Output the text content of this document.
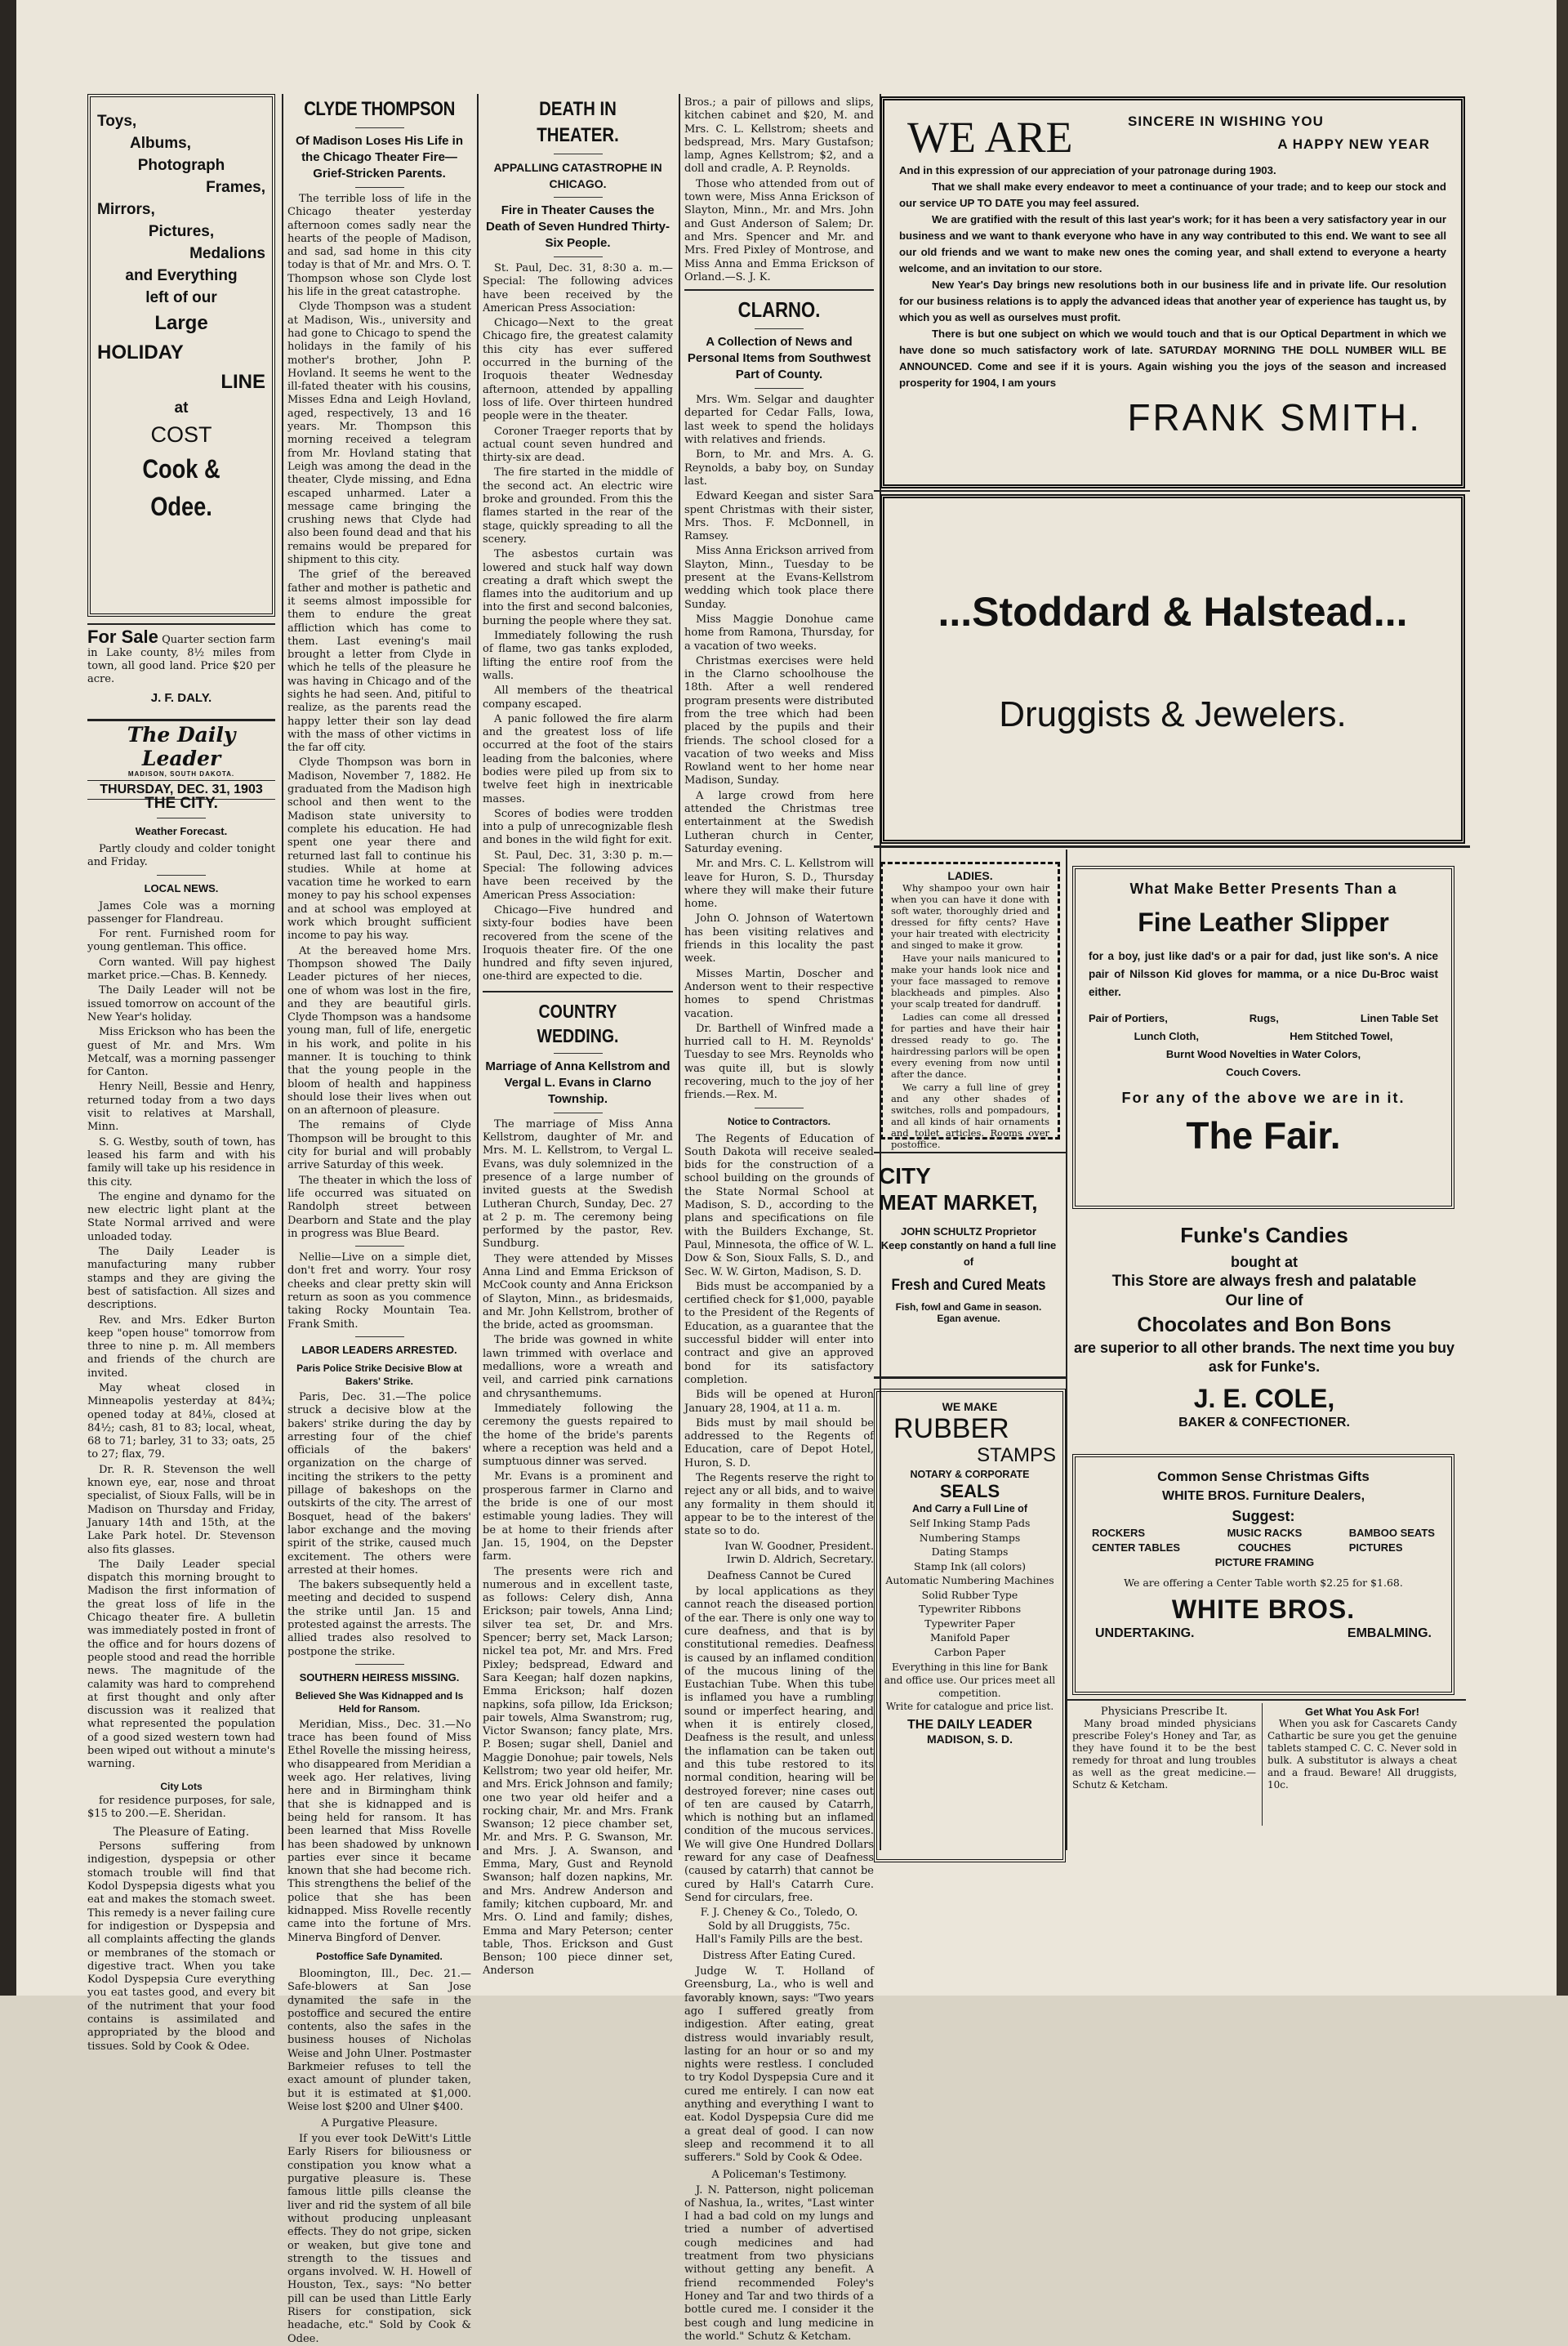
Toys,
Albums,
Photograph
Frames,
Mirrors,
Pictures,
Medalions
and Everything
left of our
Large
HOLIDAY
LINE
at
COST
Cook & Odee.
For Sale Quarter section farm in Lake county, 8½ miles from town, all good land. Price $20 per acre.
J. F. DALY.
The Daily Leader
MADISON, SOUTH DAKOTA.
THURSDAY, DEC. 31, 1903
THE CITY.
Weather Forecast.

Partly cloudy and colder tonight and Friday.

LOCAL NEWS.

James Cole was a morning passenger for Flandreau.

For rent. Furnished room for young gentleman. This office.

Corn wanted. Will pay highest market price.—Chas. B. Kennedy.

The Daily Leader will not be issued tomorrow on account of the New Year's holiday.

Miss Erickson who has been the guest of Mr. and Mrs. Wm Metcalf, was a morning passenger for Canton.

Henry Neill, Bessie and Henry, returned today from a two days visit to relatives at Marshall, Minn.

S. G. Westby, south of town, has leased his farm and with his family will take up his residence in this city.

The engine and dynamo for the new electric light plant at the State Normal arrived and were unloaded today.

The Daily Leader is manufacturing many rubber stamps and they are giving the best of satisfaction. All sizes and descriptions.

Rev. and Mrs. Edker Burton keep "open house" tomorrow from three to nine p. m. All members and friends of the church are invited.

May wheat closed in Minneapolis yesterday at 84¾; opened today at 84⅛, closed at 84½; cash, 81 to 83; local, wheat, 68 to 71; barley, 31 to 33; oats, 25 to 27; flax, 79.

Dr. R. R. Stevenson the well known eye, ear, nose and throat specialist, of Sioux Falls, will be in Madison on Thursday and Friday, January 14th and 15th, at the Lake Park hotel. Dr. Stevenson also fits glasses.

The Daily Leader special dispatch this morning brought to Madison the first information of the great loss of life in the Chicago theater fire. A bulletin was immediately posted in front of the office and for hours dozens of people stood and read the horrible news. The magnitude of the calamity was hard to comprehend at first thought and only after discussion was it realized that what represented the population of a good sized western town had been wiped out without a minute's warning.

City Lots

for residence purposes, for sale, $15 to 200.—E. Sheridan.

The Pleasure of Eating.

Persons suffering from indigestion, dyspepsia or other stomach trouble will find that Kodol Dyspepsia digests what you eat and makes the stomach sweet. This remedy is a never failing cure for indigestion or Dyspepsia and all complaints affecting the glands or membranes of the stomach or digestive tract. When you take Kodol Dyspepsia Cure everything you eat tastes good, and every bit of the nutriment that your food contains is assimilated and appropriated by the blood and tissues. Sold by Cook & Odee.

CLYDE THOMPSON
Of Madison Loses His Life in the Chicago Theater Fire—Grief-Stricken Parents.

The terrible loss of life in the Chicago theater yesterday afternoon comes sadly near the hearts of the people of Madison, and sad, sad home in this city today is that of Mr. and Mrs. O. T. Thompson whose son Clyde lost his life in the great catastrophe.

Clyde Thompson was a student at Madison, Wis., university and had gone to Chicago to spend the holidays in the family of his mother's brother, John P. Hovland. It seems he went to the ill-fated theater with his cousins, Misses Edna and Leigh Hovland, aged, respectively, 13 and 16 years. Mr. Thompson this morning received a telegram from Mr. Hovland stating that Leigh was among the dead in the theater, Clyde missing, and Edna escaped unharmed. Later a message came bringing the crushing news that Clyde had also been found dead and that his remains would be prepared for shipment to this city.

The grief of the bereaved father and mother is pathetic and it seems almost impossible for them to endure the great affliction which has come to them. Last evening's mail brought a letter from Clyde in which he tells of the pleasure he was having in Chicago and of the sights he had seen. And, pitiful to realize, as the parents read the happy letter their son lay dead with the mass of other victims in the far off city.

Clyde Thompson was born in Madison, November 7, 1882. He graduated from the Madison high school and then went to the Madison state university to complete his education. He had spent one year there and returned last fall to continue his studies. While at home at vacation time he worked to earn money to pay his school expenses and at school was employed at work which brought sufficient income to pay his way.

At the bereaved home Mrs. Thompson showed The Daily Leader pictures of her nieces, one of whom was lost in the fire, and they are beautiful girls. Clyde Thompson was a handsome young man, full of life, energetic in his work, and polite in his manner. It is touching to think that the young people in the bloom of health and happiness should lose their lives when out on an afternoon of pleasure.

The remains of Clyde Thompson will be brought to this city for burial and will probably arrive Saturday of this week.

The theater in which the loss of life occurred was situated on Randolph street between Dearborn and State and the play in progress was Blue Beard.

Nellie—Live on a simple diet, don't fret and worry. Your rosy cheeks and clear pretty skin will return as soon as you commence taking Rocky Mountain Tea. Frank Smith.

LABOR LEADERS ARRESTED.
Paris Police Strike Decisive Blow at Bakers' Strike.

Paris, Dec. 31.—The police struck a decisive blow at the bakers' strike during the day by arresting four of the chief officials of the bakers' organization on the charge of inciting the strikers to the petty pillage of bakeshops on the outskirts of the city. The arrest of Bosquet, head of the bakers' labor exchange and the moving spirit of the strike, caused much excitement. The others were arrested at their homes.

The bakers subsequently held a meeting and decided to suspend the strike until Jan. 15 and protested against the arrests. The allied trades also resolved to postpone the strike.

SOUTHERN HEIRESS MISSING.
Believed She Was Kidnapped and Is Held for Ransom.

Meridian, Miss., Dec. 31.—No trace has been found of Miss Ethel Rovelle the missing heiress, who disappeared from Meridian a week ago. Her relatives, living here and in Birmingham think that she is kidnapped and is being held for ransom. It has been learned that Miss Rovelle has been shadowed by unknown parties ever since it became known that she had become rich. This strengthens the belief of the police that she has been kidnapped. Miss Rovelle recently came into the fortune of Mrs. Minerva Bingford of Denver.

Postoffice Safe Dynamited.

Bloomington, Ill., Dec. 21.—Safe-blowers at San Jose dynamited the safe in the postoffice and secured the entire contents, also the safes in the business houses of Nicholas Weise and John Ulner. Postmaster Barkmeier refuses to tell the exact amount of plunder taken, but it is estimated at $1,000. Weise lost $200 and Ulner $400.

A Purgative Pleasure.

If you ever took DeWitt's Little Early Risers for biliousness or constipation you know what a purgative pleasure is. These famous little pills cleanse the liver and rid the system of all bile without producing unpleasant effects. They do not gripe, sicken or weaken, but give tone and strength to the tissues and organs involved. W. H. Howell of Houston, Tex., says: "No better pill can be used than Little Early Risers for constipation, sick headache, etc." Sold by Cook & Odee.

DEATH IN THEATER.
APPALLING CATASTROPHE IN CHICAGO.
Fire in Theater Causes the Death of Seven Hundred Thirty-Six People.

St. Paul, Dec. 31, 8:30 a. m.—Special: The following advices have been received by the American Press Association:

Chicago—Next to the great Chicago fire, the greatest calamity this city has ever suffered occurred in the burning of the Iroquois theater Wednesday afternoon, attended by appalling loss of life. Over thirteen hundred people were in the theater.

Coroner Traeger reports that by actual count seven hundred and thirty-six are dead.

The fire started in the middle of the second act. An electric wire broke and grounded. From this the flames started in the rear of the stage, quickly spreading to all the scenery.

The asbestos curtain was lowered and stuck half way down creating a draft which swept the flames into the auditorium and up into the first and second balconies, burning the people where they sat.

Immediately following the rush of flame, two gas tanks exploded, lifting the entire roof from the walls.

All members of the theatrical company escaped.

A panic followed the fire alarm and the greatest loss of life occurred at the foot of the stairs leading from the balconies, where bodies were piled up from six to twelve feet high in inextricable masses.

Scores of bodies were trodden into a pulp of unrecognizable flesh and bones in the wild fight for exit.

St. Paul, Dec. 31, 3:30 p. m.—Special: The following advices have been received by the American Press Association:

Chicago—Five hundred and sixty-four bodies have been recovered from the scene of the Iroquois theater fire. Of the one hundred and fifty seven injured, one-third are expected to die.

COUNTRY WEDDING.
Marriage of Anna Kellstrom and Vergal L. Evans in Clarno Township.

The marriage of Miss Anna Kellstrom, daughter of Mr. and Mrs. M. L. Kellstrom, to Vergal L. Evans, was duly solemnized in the presence of a large number of invited guests at the Swedish Lutheran Church, Sunday, Dec. 27 at 2 p. m. The ceremony being performed by the pastor, Rev. Sundburg.

They were attended by Misses Anna Lind and Emma Erickson of McCook county and Anna Erickson of Slayton, Minn., as bridesmaids, and Mr. John Kellstrom, brother of the bride, acted as groomsman.

The bride was gowned in white lawn trimmed with overlace and medallions, wore a wreath and veil, and carried pink carnations and chrysanthemums.

Immediately following the ceremony the guests repaired to the home of the bride's parents where a reception was held and a sumptuous dinner was served.

Mr. Evans is a prominent and prosperous farmer in Clarno and the bride is one of our most estimable young ladies. They will be at home to their friends after Jan. 15, 1904, on the Depster farm.

The presents were rich and numerous and in excellent taste, as follows: Celery dish, Anna Erickson; pair towels, Anna Lind; silver tea set, Dr. and Mrs. Spencer; berry set, Mack Larson; nickel tea pot, Mr. and Mrs. Fred Pixley; bedspread, Edward and Sara Keegan; half dozen napkins, Emma Erickson; half dozen napkins, sofa pillow, Ida Erickson; pair towels, Alma Swanstrom; rug, Victor Swanson; fancy plate, Mrs. P. Bosen; sugar shell, Daniel and Maggie Donohue; pair towels, Nels Kellstrom; two year old heifer, Mr. and Mrs. Erick Johnson and family; one two year old heifer and a rocking chair, Mr. and Mrs. Frank Swanson; 12 piece chamber set, Mr. and Mrs. P. G. Swanson, Mr. and Mrs. J. A. Swanson, and Emma, Mary, Gust and Reynold Swanson; half dozen napkins, Mr. and Mrs. Andrew Anderson and family; kitchen cupboard, Mr. and Mrs. O. Lind and family; dishes, Emma and Mary Peterson; center table, Thos. Erickson and Gust Benson; 100 piece dinner set, Anderson

Bros.; a pair of pillows and slips, kitchen cabinet and $20, M. and Mrs. C. L. Kellstrom; sheets and bedspread, Mrs. Mary Gustafson; lamp, Agnes Kellstrom; $2, and a doll and cradle, A. P. Reynolds.

Those who attended from out of town were, Miss Anna Erickson of Slayton, Minn., Mr. and Mrs. John and Gust Anderson of Salem; Dr. and Mrs. Spencer and Mr. and Mrs. Fred Pixley of Montrose, and Miss Anna and Emma Erickson of Orland.—S. J. K.

CLARNO.
A Collection of News and Personal Items from Southwest Part of County.

Mrs. Wm. Selgar and daughter departed for Cedar Falls, Iowa, last week to spend the holidays with relatives and friends.

Born, to Mr. and Mrs. A. G. Reynolds, a baby boy, on Sunday last.

Edward Keegan and sister Sara spent Christmas with their sister, Mrs. Thos. F. McDonnell, in Ramsey.

Miss Anna Erickson arrived from Slayton, Minn., Tuesday to be present at the Evans-Kellstrom wedding which took place there Sunday.

Miss Maggie Donohue came home from Ramona, Thursday, for a vacation of two weeks.

Christmas exercises were held in the Clarno schoolhouse the 18th. After a well rendered program presents were distributed from the tree which had been placed by the pupils and their friends. The school closed for a vacation of two weeks and Miss Rowland went to her home near Madison, Sunday.

A large crowd from here attended the Christmas tree entertainment at the Swedish Lutheran church in Center, Saturday evening.

Mr. and Mrs. C. L. Kellstrom will leave for Huron, S. D., Thursday where they will make their future home.

John O. Johnson of Watertown has been visiting relatives and friends in this locality the past week.

Misses Martin, Doscher and Anderson went to their respective homes to spend Christmas vacation.

Dr. Barthell of Winfred made a hurried call to H. M. Reynolds' Tuesday to see Mrs. Reynolds who was quite ill, but is slowly recovering, much to the joy of her friends.—Rex. M.

Notice to Contractors.

The Regents of Education of South Dakota will receive sealed bids for the construction of a school building on the grounds of the State Normal School at Madison, S. D., according to the plans and specifications on file with the Builders Exchange, St. Paul, Minnesota, the office of W. L. Dow & Son, Sioux Falls, S. D., and Sec. W. W. Girton, Madison, S. D.

Bids must be accompanied by a certified check for $1,000, payable to the President of the Regents of Education, as a guarantee that the successful bidder will enter into contract and give an approved bond for its satisfactory completion.

Bids will be opened at Huron January 28, 1904, at 11 a. m.

Bids must by mail should be addressed to the Regents of Education, care of Depot Hotel, Huron, S. D.

The Regents reserve the right to reject any or all bids, and to waive any formality in them should it appear to be to the interest of the state so to do.

Ivan W. Goodner, President.
Irwin D. Aldrich, Secretary.
Deafness Cannot be Cured

by local applications as they cannot reach the diseased portion of the ear. There is only one way to cure deafness, and that is by constitutional remedies. Deafness is caused by an inflamed condition of the mucous lining of the Eustachian Tube. When this tube is inflamed you have a rumbling sound or imperfect hearing, and when it is entirely closed, Deafness is the result, and unless the inflamation can be taken out and this tube restored to its normal condition, hearing will be destroyed forever; nine cases out of ten are caused by Catarrh, which is nothing but an inflamed condition of the mucous services. We will give One Hundred Dollars reward for any case of Deafness (caused by catarrh) that cannot be cured by Hall's Catarrh Cure. Send for circulars, free.

F. J. Cheney & Co., Toledo, O.
Sold by all Druggists, 75c.
Hall's Family Pills are the best.
Distress After Eating Cured.

Judge W. T. Holland of Greensburg, La., who is well and favorably known, says: "Two years ago I suffered greatly from indigestion. After eating, great distress would invariably result, lasting for an hour or so and my nights were restless. I concluded to try Kodol Dyspepsia Cure and it cured me entirely. I can now eat anything and everything I want to eat. Kodol Dyspepsia Cure did me a great deal of good. I can now sleep and recommend it to all sufferers." Sold by Cook & Odee.

A Policeman's Testimony.

J. N. Patterson, night policeman of Nashua, Ia., writes, "Last winter I had a bad cold on my lungs and tried a number of advertised cough medicines and had treatment from two physicians without getting any benefit. A friend recommended Foley's Honey and Tar and two thirds of a bottle cured me. I consider it the best cough and lung medicine in the world." Schutz & Ketcham.

WE ARE	SINCERE IN WISHING YOU
A HAPPY NEW YEAR
And in this expression of our appreciation of your patronage during 1903.
That we shall make every endeavor to meet a continuance of your trade; and to keep our stock and our service UP TO DATE you may feel assured.
We are gratified with the result of this last year's work; for it has been a very satisfactory year in our business and we want to thank everyone who have in any way contributed to this end. We want to see all our old friends and we want to make new ones the coming year, and shall extend to everyone a hearty welcome, and an invitation to our store.
New Year's Day brings new resolutions both in our business life and in private life. Our resolution for our business relations is to apply the advanced ideas that another year of experience has taught us, by which you as well as ourselves must profit.
There is but one subject on which we would touch and that is our Optical Department in which we have done so much satisfactory work of late. SATURDAY MORNING THE DOLL NUMBER WILL BE ANNOUNCED. Come and see if it is yours. Again wishing you the joys of the season and increased prosperity for 1904, I am yours
FRANK SMITH.
...Stoddard & Halstead...
Druggists & Jewelers.
LADIES.

Why shampoo your own hair when you can have it done with soft water, thoroughly dried and dressed for fifty cents? Have your hair treated with electricity and singed to make it grow.

Have your nails manicured to make your hands look nice and your face massaged to remove blackheads and pimples. Also your scalp treated for dandruff.

Ladies can come all dressed for parties and have their hair dressed ready to go. The hairdressing parlors will be open every evening from now until after the dance.

We carry a full line of grey and any other shades of switches, rolls and pompadours, and all kinds of hair ornaments and toilet articles. Rooms over postoffice.

What Make Better Presents Than a
Fine Leather Slipper
for a boy, just like dad's or a pair for dad, just like son's. A nice pair of Nilsson Kid gloves for mamma, or a nice Du-Broc waist either.
Pair of Portiers,	Rugs,	Linen Table Set
Lunch Cloth,	Hem Stitched Towel,
Burnt Wood Novelties in Water Colors,
Couch Covers.
For any of the above we are in it.
The Fair.
CITY
MEAT MARKET,
JOHN SCHULTZ Proprietor
Keep constantly on hand a full line of
Fresh and Cured Meats
Fish, fowl and Game in season.
Egan avenue.
Funke's Candies
bought at
This Store are always fresh and palatable
Our line of
Chocolates and Bon Bons
are superior to all other brands. The next time you buy ask for Funke's.
J. E. COLE,
BAKER & CONFECTIONER.
WE MAKE
RUBBER
STAMPS
NOTARY & CORPORATE
SEALS
And Carry a Full Line of
Self Inking Stamp Pads
Numbering Stamps
Dating Stamps
Stamp Ink (all colors)
Automatic Numbering Machines
Solid Rubber Type
Typewriter Ribbons
Typewriter Paper
Manifold Paper
Carbon Paper
Everything in this line for Bank and office use. Our prices meet all competition.
Write for catalogue and price list.
THE DAILY LEADER
MADISON, S. D.
Common Sense Christmas Gifts
WHITE BROS. Furniture Dealers,
Suggest:
ROCKERS
CENTER TABLES
MUSIC RACKS
COUCHES
PICTURE FRAMING
BAMBOO SEATS
PICTURES
We are offering a Center Table worth $2.25 for $1.68.
WHITE BROS.
UNDERTAKING.	EMBALMING.
Physicians Prescribe It.

Many broad minded physicians prescribe Foley's Honey and Tar, as they have found it to be the best remedy for throat and lung troubles as well as the great medicine.—Schutz & Ketcham.

Get What You Ask For!

When you ask for Cascarets Candy Cathartic be sure you get the genuine tablets stamped C. C. C. Never sold in bulk. A substitutor is always a cheat and a fraud. Beware! All druggists, 10c.
